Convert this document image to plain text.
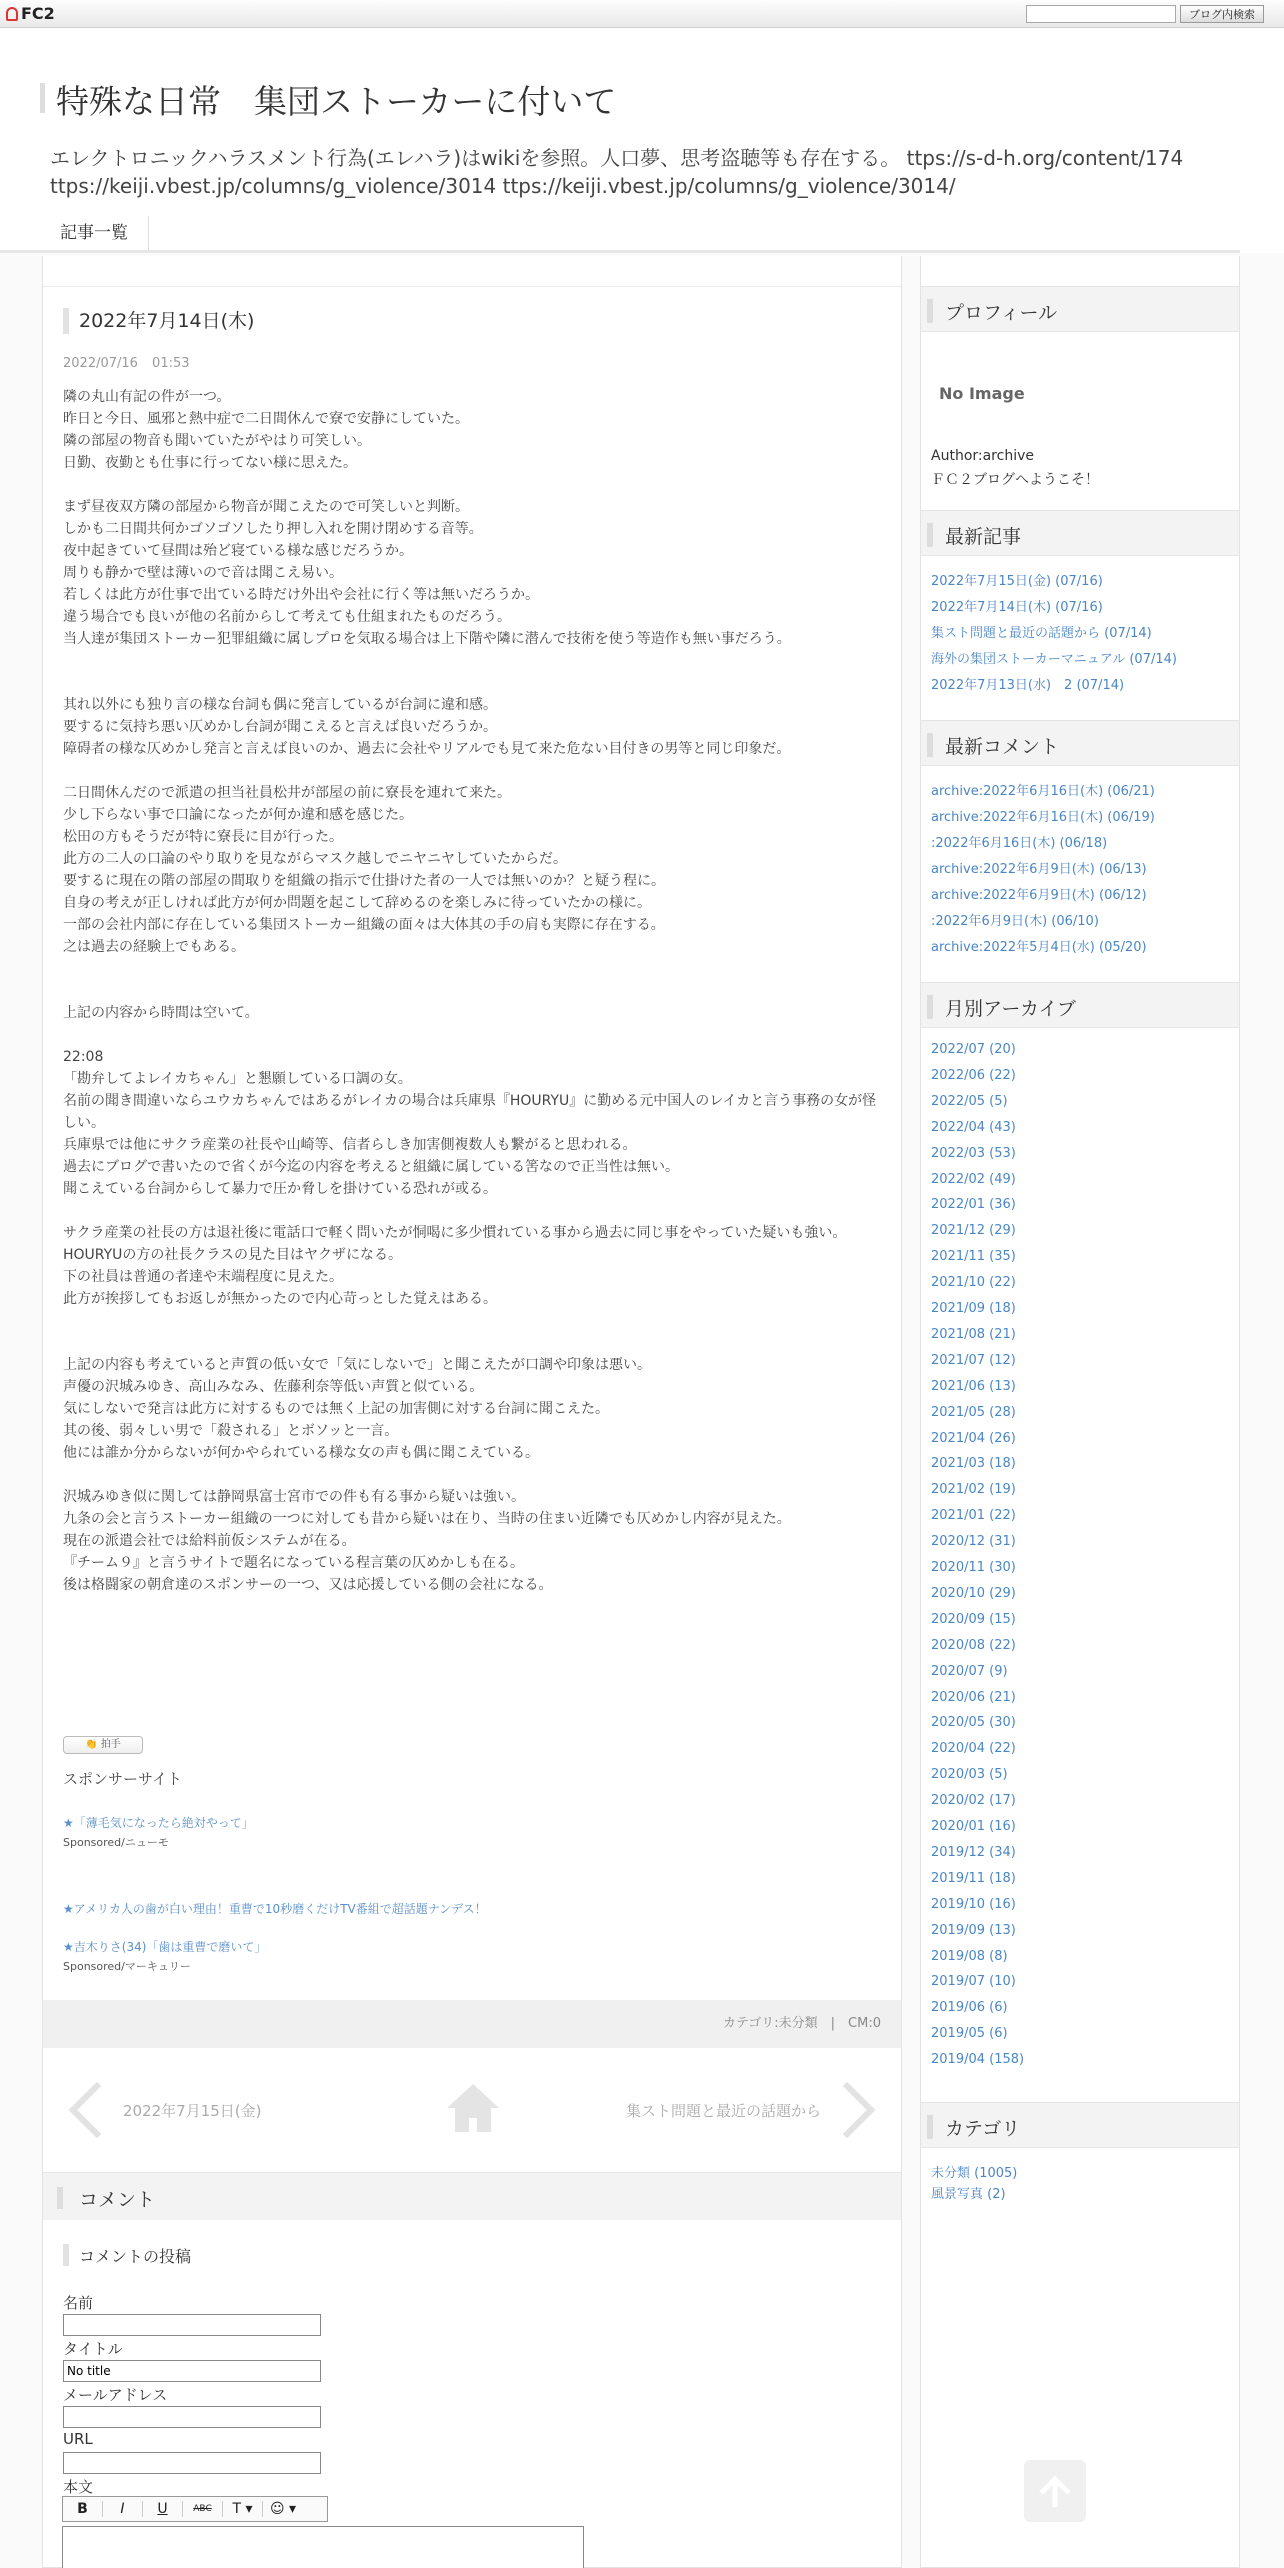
FC2	ブログ内検索
特殊な日常　集団ストーカーに付いて
エレクトロニックハラスメント行為(エレハラ)はwikiを参照。人口夢、思考盗聴等も存在する。 ttps://s-d-h.org/content/174 ttps://keiji.vbest.jp/columns/g_violence/3014 ttps://keiji.vbest.jp/columns/g_violence/3014/
記事一覧
2022年7月14日(木)
2022/07/16 01:53

隣の丸山有記の件が一つ。
昨日と今日、風邪と熱中症で二日間休んで寮で安静にしていた。
隣の部屋の物音も聞いていたがやはり可笑しい。
日勤、夜勤とも仕事に行ってない様に思えた。

まず昼夜双方隣の部屋から物音が聞こえたので可笑しいと判断。
しかも二日間共何かゴソゴソしたり押し入れを開け閉めする音等。
夜中起きていて昼間は殆ど寝ている様な感じだろうか。
周りも静かで壁は薄いので音は聞こえ易い。
若しくは此方が仕事で出ている時だけ外出や会社に行く等は無いだろうか。
違う場合でも良いが他の名前からして考えても仕組まれたものだろう。
当人達が集団ストーカー犯罪組織に属しプロを気取る場合は上下階や隣に潜んで技術を使う等造作も無い事だろう。

其れ以外にも独り言の様な台詞も偶に発言しているが台詞に違和感。
要するに気持ち悪い仄めかし台詞が聞こえると言えば良いだろうか。
障碍者の様な仄めかし発言と言えば良いのか、過去に会社やリアルでも見て来た危ない目付きの男等と同じ印象だ。

二日間休んだので派遣の担当社員松井が部屋の前に寮長を連れて来た。
少し下らない事で口論になったが何か違和感を感じた。
松田の方もそうだが特に寮長に目が行った。
此方の二人の口論のやり取りを見ながらマスク越しでニヤニヤしていたからだ。
要するに現在の階の部屋の間取りを組織の指示で仕掛けた者の一人では無いのか？と疑う程に。
自身の考えが正しければ此方が何か問題を起こして辞めるのを楽しみに待っていたかの様に。
一部の会社内部に存在している集団ストーカー組織の面々は大体其の手の肩も実際に存在する。
之は過去の経験上でもある。

上記の内容から時間は空いて。

22:08
「勘弁してよレイカちゃん」と懇願している口調の女。
名前の聞き間違いならユウカちゃんではあるがレイカの場合は兵庫県『HOURYU』に勤める元中国人のレイカと言う事務の女が怪しい。
兵庫県では他にサクラ産業の社長や山崎等、信者らしき加害側複数人も繋がると思われる。
過去にブログで書いたので省くが今迄の内容を考えると組織に属している筈なので正当性は無い。
聞こえている台詞からして暴力で圧か脅しを掛けている恐れが或る。

サクラ産業の社長の方は退社後に電話口で軽く問いたが恫喝に多少慣れている事から過去に同じ事をやっていた疑いも強い。
HOURYUの方の社長クラスの見た目はヤクザになる。
下の社員は普通の者達や末端程度に見えた。
此方が挨拶してもお返しが無かったので内心苛っとした覚えはある。

上記の内容も考えていると声質の低い女で「気にしないで」と聞こえたが口調や印象は悪い。
声優の沢城みゆき、高山みなみ、佐藤利奈等低い声質と似ている。
気にしないで発言は此方に対するものでは無く上記の加害側に対する台詞に聞こえた。
其の後、弱々しい男で「殺される」とボソッと一言。
他には誰か分からないが何かやられている様な女の声も偶に聞こえている。

沢城みゆき似に関しては静岡県富士宮市での件も有る事から疑いは強い。
九条の会と言うストーカー組織の一つに対しても昔から疑いは在り、当時の住まい近隣でも仄めかし内容が見えた。
現在の派遣会社では給料前仮システムが在る。
『チーム９』と言うサイトで題名になっている程言葉の仄めかしも在る。
後は格闘家の朝倉達のスポンサーの一つ、又は応援している側の会社になる。

👏 拍手
スポンサーサイト
★「薄毛気になったら絶対やって」
Sponsored/ニューモ
★アメリカ人の歯が白い理由！重曹で10秒磨くだけTV番組で超話題ナンデス！
★吉木りさ(34)「歯は重曹で磨いて」
Sponsored/マーキュリー
カテゴリ:未分類　|　CM:0
2022年7月15日(金)	集スト問題と最近の話題から
コメント
コメントの投稿
名前
タイトル
No title
メールアドレス
URL
本文
B	I	U	ABC	T ▾	☺ ▾
プロフィール
No Image
Author:archive
ＦＣ２ブログへようこそ！
最新記事
2022年7月15日(金) (07/16)
2022年7月14日(木) (07/16)
集スト問題と最近の話題から (07/14)
海外の集団ストーカーマニュアル (07/14)
2022年7月13日(水)　2 (07/14)
最新コメント
archive:2022年6月16日(木) (06/21)
archive:2022年6月16日(木) (06/19)
:2022年6月16日(木) (06/18)
archive:2022年6月9日(木) (06/13)
archive:2022年6月9日(木) (06/12)
:2022年6月9日(木) (06/10)
archive:2022年5月4日(水) (05/20)
月別アーカイブ
2022/07 (20)
2022/06 (22)
2022/05 (5)
2022/04 (43)
2022/03 (53)
2022/02 (49)
2022/01 (36)
2021/12 (29)
2021/11 (35)
2021/10 (22)
2021/09 (18)
2021/08 (21)
2021/07 (12)
2021/06 (13)
2021/05 (28)
2021/04 (26)
2021/03 (18)
2021/02 (19)
2021/01 (22)
2020/12 (31)
2020/11 (30)
2020/10 (29)
2020/09 (15)
2020/08 (22)
2020/07 (9)
2020/06 (21)
2020/05 (30)
2020/04 (22)
2020/03 (5)
2020/02 (17)
2020/01 (16)
2019/12 (34)
2019/11 (18)
2019/10 (16)
2019/09 (13)
2019/08 (8)
2019/07 (10)
2019/06 (6)
2019/05 (6)
2019/04 (158)
カテゴリ
未分類 (1005)
風景写真 (2)
